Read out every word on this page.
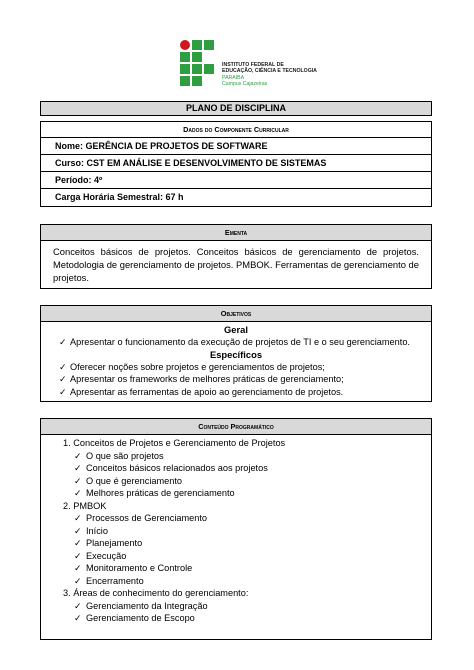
INSTITUTO FEDERAL DE
EDUCAÇÃO, CIÊNCIA E TECNOLOGIA
PARAÍBA
Campus Cajazeiras
PLANO DE DISCIPLINA
Dados do Componente Curricular
Nome: GERÊNCIA DE PROJETOS DE SOFTWARE
Curso: CST EM ANÁLISE E DESENVOLVIMENTO DE SISTEMAS
Período: 4º
Carga Horária Semestral: 67 h
Ementa
Conceitos básicos de projetos. Conceitos básicos de gerenciamento de projetos. Metodologia de gerenciamento de projetos. PMBOK. Ferramentas de gerenciamento de projetos.
Objetivos
Geral
✓ Apresentar o funcionamento da execução de projetos de TI e o seu gerenciamento.
Específicos
✓ Oferecer noções sobre projetos e gerenciamentos de projetos;
✓ Apresentar os frameworks de melhores práticas de gerenciamento;
✓ Apresentar as ferramentas de apoio ao gerenciamento de projetos.
Conteúdo Programático
1. Conceitos de Projetos e Gerenciamento de Projetos
✓ O que são projetos
✓ Conceitos básicos relacionados aos projetos
✓ O que é gerenciamento
✓ Melhores práticas de gerenciamento
2. PMBOK
✓ Processos de Gerenciamento
✓ Início
✓ Planejamento
✓ Execução
✓ Monitoramento e Controle
✓ Encerramento
3. Áreas de conhecimento do gerenciamento:
✓ Gerenciamento da Integração
✓ Gerenciamento de Escopo
